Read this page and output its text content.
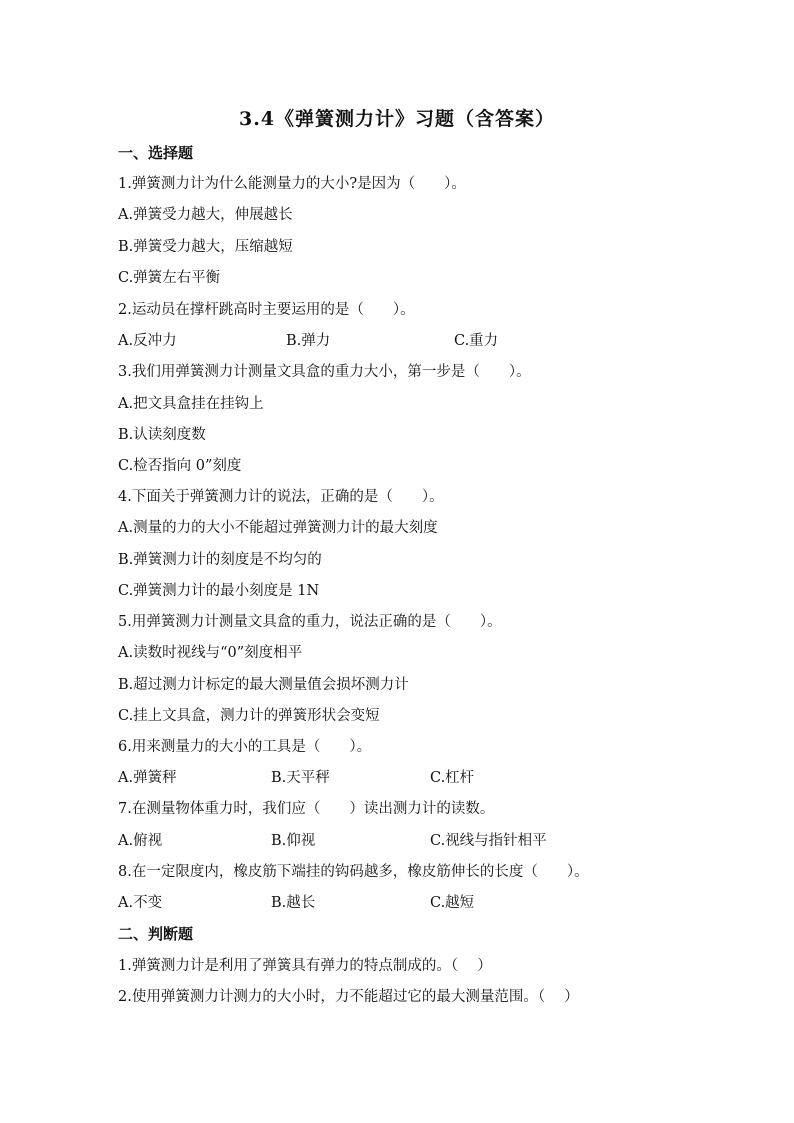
3.4《弹簧测力计》习题（含答案）
一、选择题
1.弹簧测力计为什么能测量力的大小?是因为（　　）。
A.弹簧受力越大，伸展越长
B.弹簧受力越大，压缩越短
C.弹簧左右平衡
2.运动员在撑杆跳高时主要运用的是（　　）。
A.反冲力	B.弹力	C.重力
3.我们用弹簧测力计测量文具盒的重力大小，第一步是（　　）。
A.把文具盒挂在挂钩上
B.认读刻度数
C.检否指向 0”刻度
4.下面关于弹簧测力计的说法，正确的是（　　）。
A.测量的力的大小不能超过弹簧测力计的最大刻度
B.弹簧测力计的刻度是不均匀的
C.弹簧测力计的最小刻度是 1N
5.用弹簧测力计测量文具盒的重力，说法正确的是（　　）。
A.读数时视线与“0”刻度相平
B.超过测力计标定的最大测量值会损坏测力计
C.挂上文具盒，测力计的弹簧形状会变短
6.用来测量力的大小的工具是（　　）。
A.弹簧秤	B.天平秤	C.杠杆
7.在测量物体重力时，我们应（　　）读出测力计的读数。
A.俯视	B.仰视	C.视线与指针相平
8.在一定限度内，橡皮筋下端挂的钩码越多，橡皮筋伸长的长度（　　）。
A.不变	B.越长	C.越短
二、判断题
1.弹簧测力计是利用了弹簧具有弹力的特点制成的。（　 ）
2.使用弹簧测力计测力的大小时，力不能超过它的最大测量范围。（　 ）
